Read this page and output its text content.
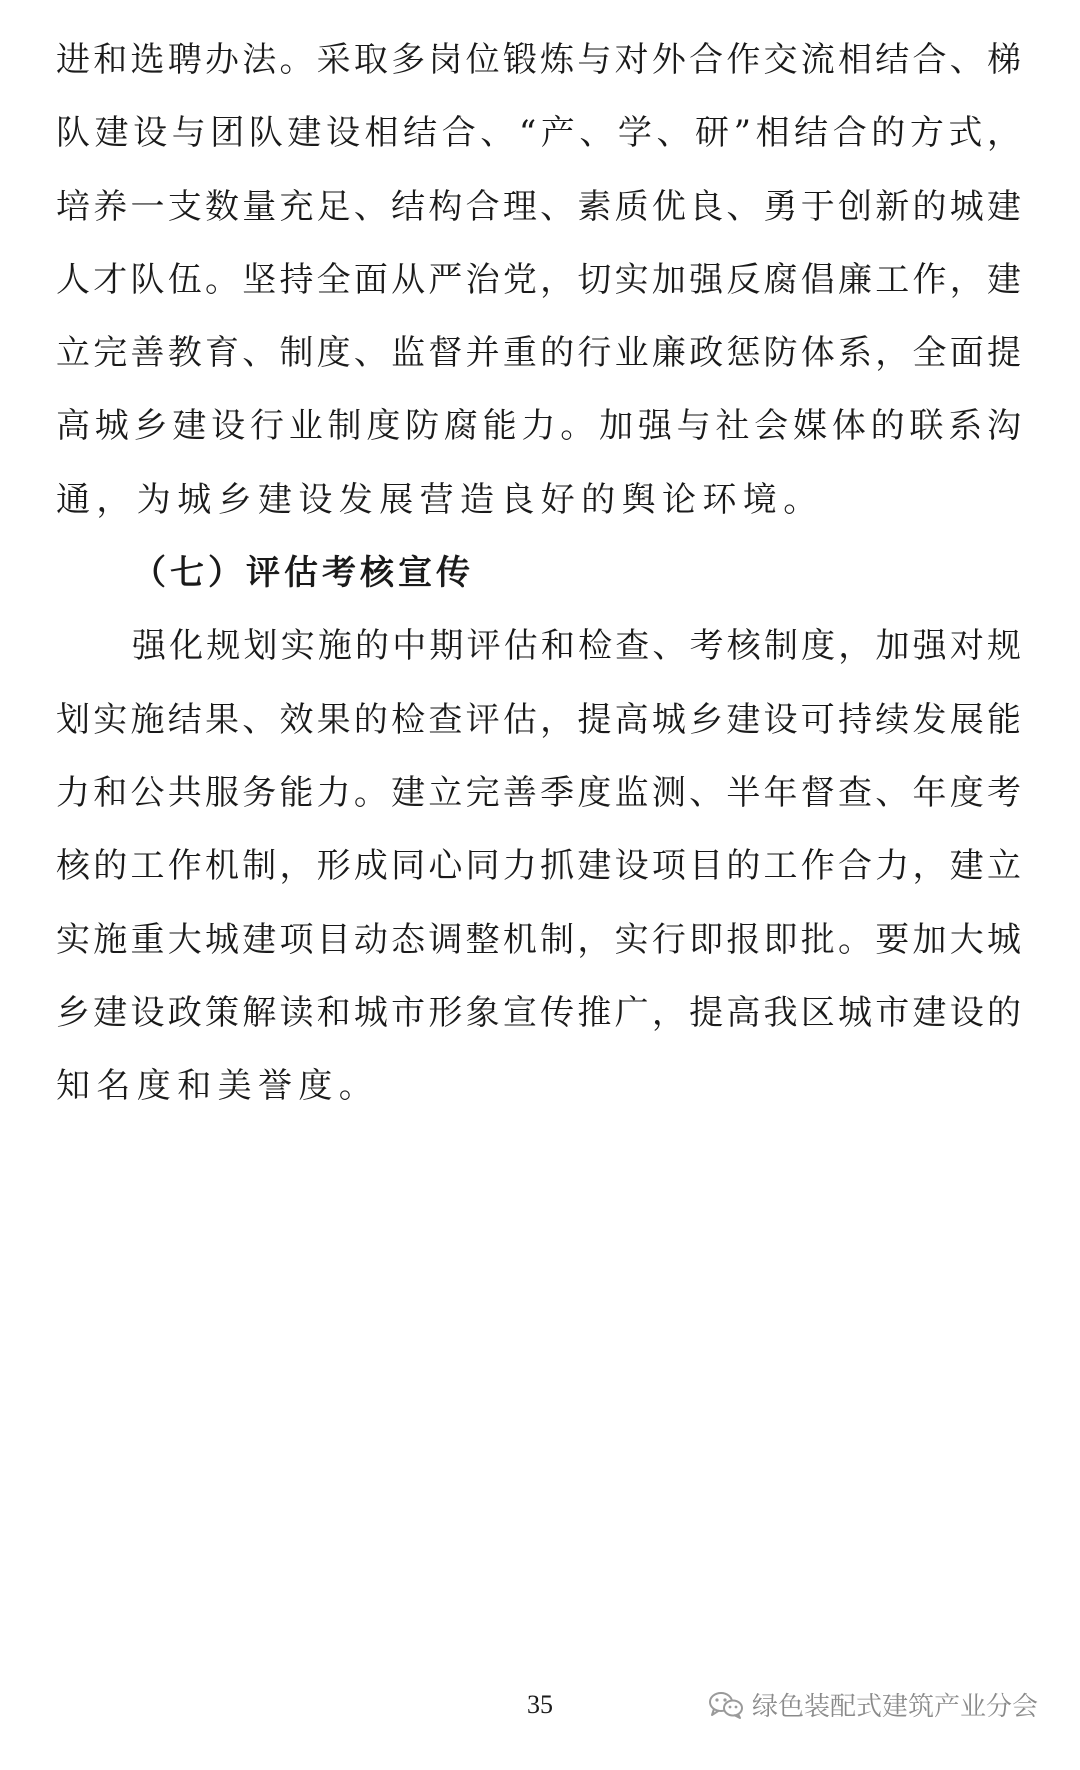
进和选聘办法。采取多岗位锻炼与对外合作交流相结合、梯
队建设与团队建设相结合、“产、学、研”相结合的方式，
培养一支数量充足、结构合理、素质优良、勇于创新的城建
人才队伍。坚持全面从严治党，切实加强反腐倡廉工作，建
立完善教育、制度、监督并重的行业廉政惩防体系，全面提
高城乡建设行业制度防腐能力。加强与社会媒体的联系沟
通，为城乡建设发展营造良好的舆论环境。
（七）评估考核宣传
强化规划实施的中期评估和检查、考核制度，加强对规
划实施结果、效果的检查评估，提高城乡建设可持续发展能
力和公共服务能力。建立完善季度监测、半年督查、年度考
核的工作机制，形成同心同力抓建设项目的工作合力，建立
实施重大城建项目动态调整机制，实行即报即批。要加大城
乡建设政策解读和城市形象宣传推广，提高我区城市建设的
知名度和美誉度。
35	绿色装配式建筑产业分会
